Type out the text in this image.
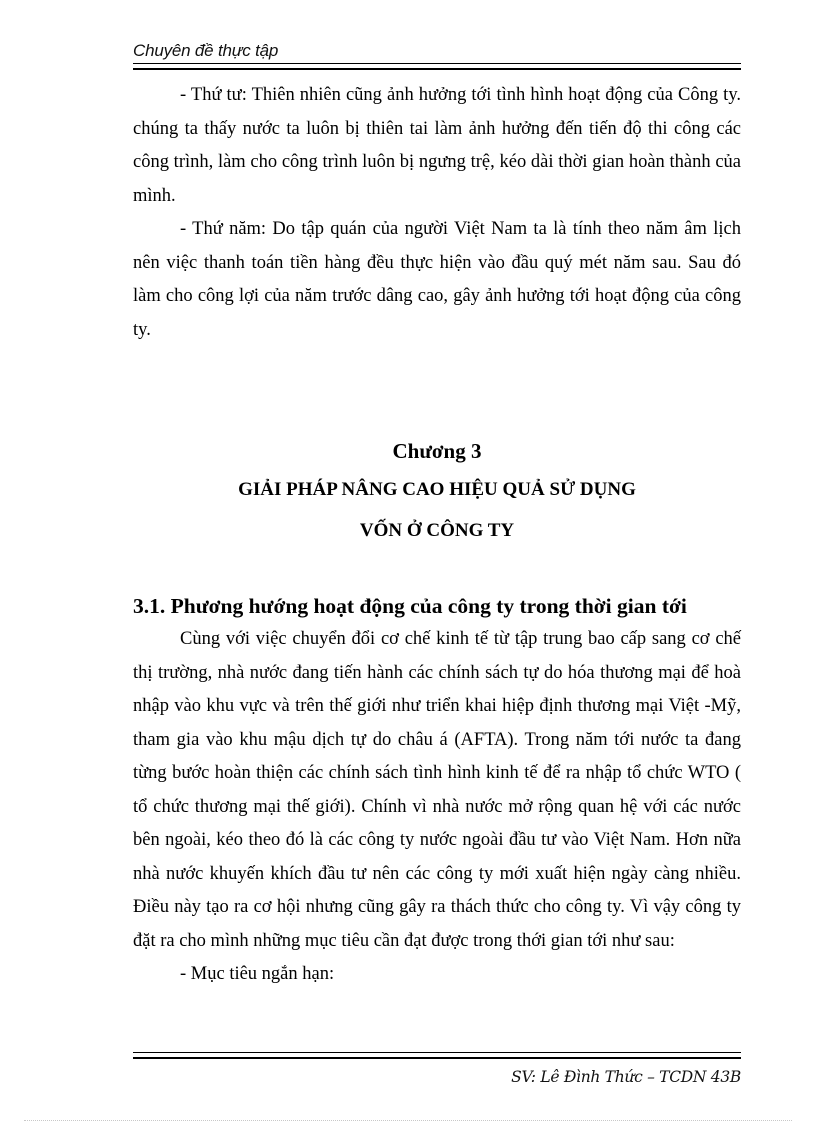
Chuyên đề thực tập

- Thứ tư: Thiên nhiên cũng ảnh hưởng tới tình hình hoạt động của Công ty. chúng ta thấy nước ta luôn bị thiên tai làm ảnh hưởng đến tiến độ thi công các công trình, làm cho công trình luôn bị ngưng trệ, kéo dài thời gian hoàn thành của mình.

- Thứ năm: Do tập quán của người Việt Nam ta là tính theo năm âm lịch nên việc thanh toán tiền hàng đều thực hiện vào đầu quý mét năm sau. Sau đó làm cho công lợi của năm trước dâng cao, gây ảnh hưởng tới hoạt động của công ty.

Chương 3
GIẢI PHÁP NÂNG CAO HIỆU QUẢ SỬ DỤNG
VỐN Ở CÔNG TY
3.1. Phương hướng hoạt động của công ty trong thời gian tới

Cùng với việc chuyển đổi cơ chế kinh tế từ tập trung bao cấp sang cơ chế thị trường, nhà nước đang tiến hành các chính sách tự do hóa thương mại để hoà nhập vào khu vực và trên thế giới như triển khai hiệp định thương mại Việt -Mỹ, tham gia vào khu mậu dịch tự do châu á (AFTA). Trong năm tới nước ta đang từng bước hoàn thiện các chính sách tình hình kinh tế để ra nhập tổ chức WTO ( tổ chức thương mại thế giới). Chính vì nhà nước mở rộng quan hệ với các nước bên ngoài, kéo theo đó là các công ty nước ngoài đầu tư vào Việt Nam. Hơn nữa nhà nước khuyến khích đầu tư nên các công ty mới xuất hiện ngày càng nhiều. Điều này tạo ra cơ hội nhưng cũng gây ra thách thức cho công ty. Vì vậy công ty đặt ra cho mình những mục tiêu cần đạt được trong thới gian tới như sau:

- Mục tiêu ngắn hạn:

SV: Lê Đình Thức – TCDN 43B
